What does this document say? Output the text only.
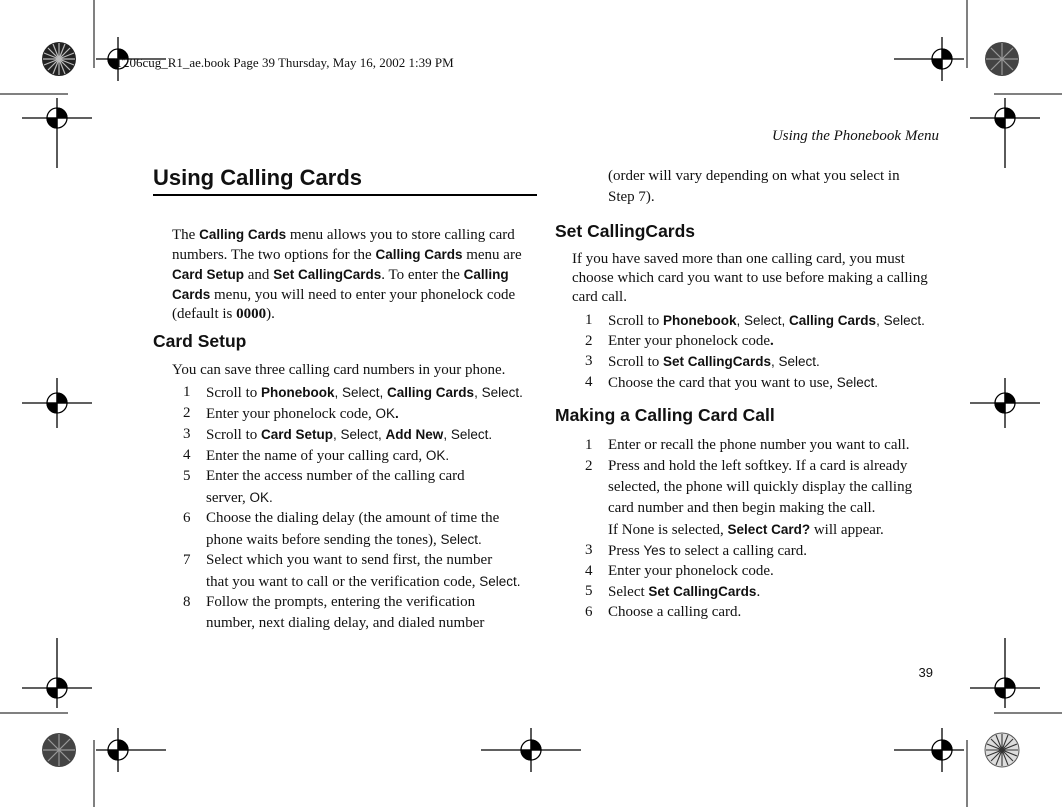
T206cug_R1_ae.book Page 39 Thursday, May 16, 2002 1:39 PM
Using the Phonebook Menu
Using Calling Cards
The Calling Cards menu allows you to store calling card numbers. The two options for the Calling Cards menu are Card Setup and Set CallingCards. To enter the Calling Cards menu, you will need to enter your phonelock code (default is 0000).
Card Setup
You can save three calling card numbers in your phone.
1 Scroll to Phonebook, Select, Calling Cards, Select.
2 Enter your phonelock code, OK.
3 Scroll to Card Setup, Select, Add New, Select.
4 Enter the name of your calling card, OK.
5 Enter the access number of the calling card
server, OK.
6 Choose the dialing delay (the amount of time the
phone waits before sending the tones), Select.
7 Select which you want to send first, the number
that you want to call or the verification code, Select.
8 Follow the prompts, entering the verification
number, next dialing delay, and dialed number
(order will vary depending on what you select in
Step 7).
Set CallingCards
If you have saved more than one calling card, you must choose which card you want to use before making a calling card call.
1 Scroll to Phonebook, Select, Calling Cards, Select.
2 Enter your phonelock code.
3 Scroll to Set CallingCards, Select.
4 Choose the card that you want to use, Select.
Making a Calling Card Call
1 Enter or recall the phone number you want to call.
2 Press and hold the left softkey. If a card is already
selected, the phone will quickly display the calling
card number and then begin making the call.
If None is selected, Select Card? will appear.
3 Press Yes to select a calling card.
4 Enter your phonelock code.
5 Select Set CallingCards.
6 Choose a calling card.
39
